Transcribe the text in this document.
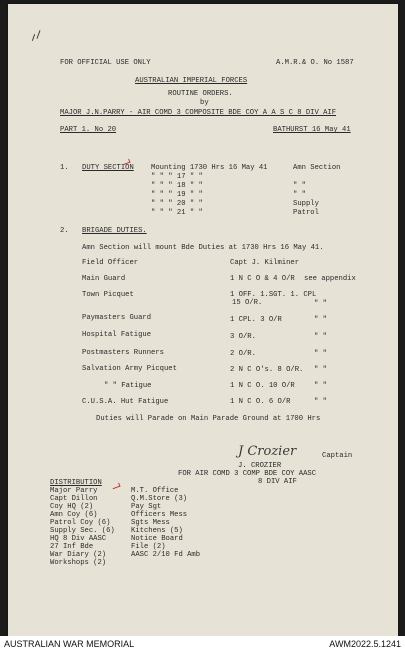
FOR OFFICIAL USE ONLY	A.M.R.& O. No 1587
AUSTRALIAN IMPERIAL FORCES
ROUTINE ORDERS.
by
MAJOR J.N.PARRY - AIR COMD 3 COMPOSITE BDE COY A A S C 8 DIV AIF
PART 1. No 20	BATHURST 16 May 41
1. DUTY SECTION Mounting 1730 Hrs 16 May 41	Amn Section
" " " 17 " "
" " " 18 " "	" "
" " " 19 " "	" "
" " " 20 " "	Supply
" " " 21 " "	Patrol
2. BRIGADE DUTIES.
Amn Section will mount Bde Duties at 1730 Hrs 16 May 41.
Field Officer	Capt J. Kilminer
Main Guard	1 N C O & 4 O/R see appendix
Town Picquet	1 OFF. 1.SGT. 1. CPL
15 O/R.	" "
Paymasters Guard	1 CPL. 3 O/R	" "
Hospital Fatigue	3 O/R.	" "
Postmasters Runners	2 O/R.	" "
Salvation Army Picquet	2 N C O's. 8 O/R. " "
" " Fatigue	1 N C O. 10 O/R	" "
C.U.S.A. Hut Fatigue	1 N C O. 6 O/R	" "
Duties will Parade on Main Parade Ground at 1700 Hrs
J Crozier	Captain
J. CROZIER
FOR AIR COMD 3 COMP BDE COY AASC
8 DIV AIF
DISTRIBUTION
Major Parry
Capt Dillon
Coy HQ (2)
Amn Coy (6)
Patrol Coy (6)
Supply Sec. (6)
HQ 8 Div AASC
27 Inf Bde
War Diary (2)
Workshops (2)
M.T. Office
Q.M.Store (3)
Pay Sgt
Officers Mess
Sgts Mess
Kitchens (5)
Notice Board
File (2)
AASC 2/10 Fd Amb
AUSTRALIAN WAR MEMORIAL	AWM2022.5.1241
